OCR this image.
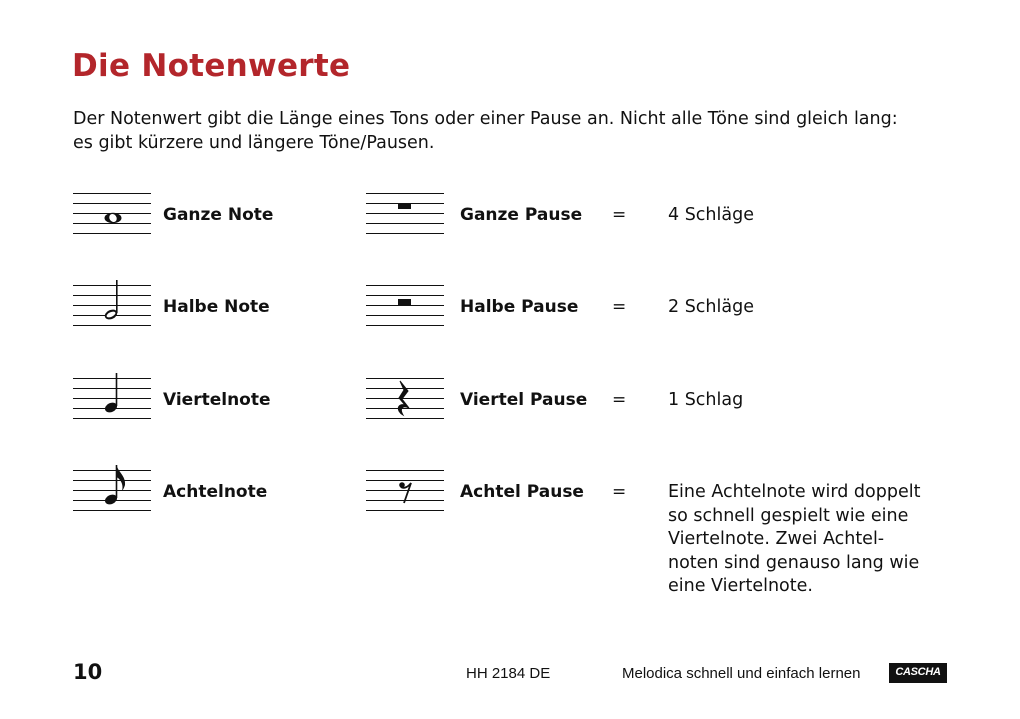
Die Notenwerte
Der Notenwert gibt die Länge eines Tons oder einer Pause an. Nicht alle Töne sind gleich lang:
es gibt kürzere und längere Töne/Pausen.
Ganze Note	Ganze Pause = 4 Schläge
Halbe Note	Halbe Pause = 2 Schläge
Viertelnote	Viertel Pause = 1 Schlag
Achtelnote	Achtel Pause = Eine Achtelnote wird doppelt
so schnell gespielt wie eine
Viertelnote. Zwei Achtel-
noten sind genauso lang wie
eine Viertelnote.
10	HH 2184 DE	Melodica schnell und einfach lernen	CASCHA
